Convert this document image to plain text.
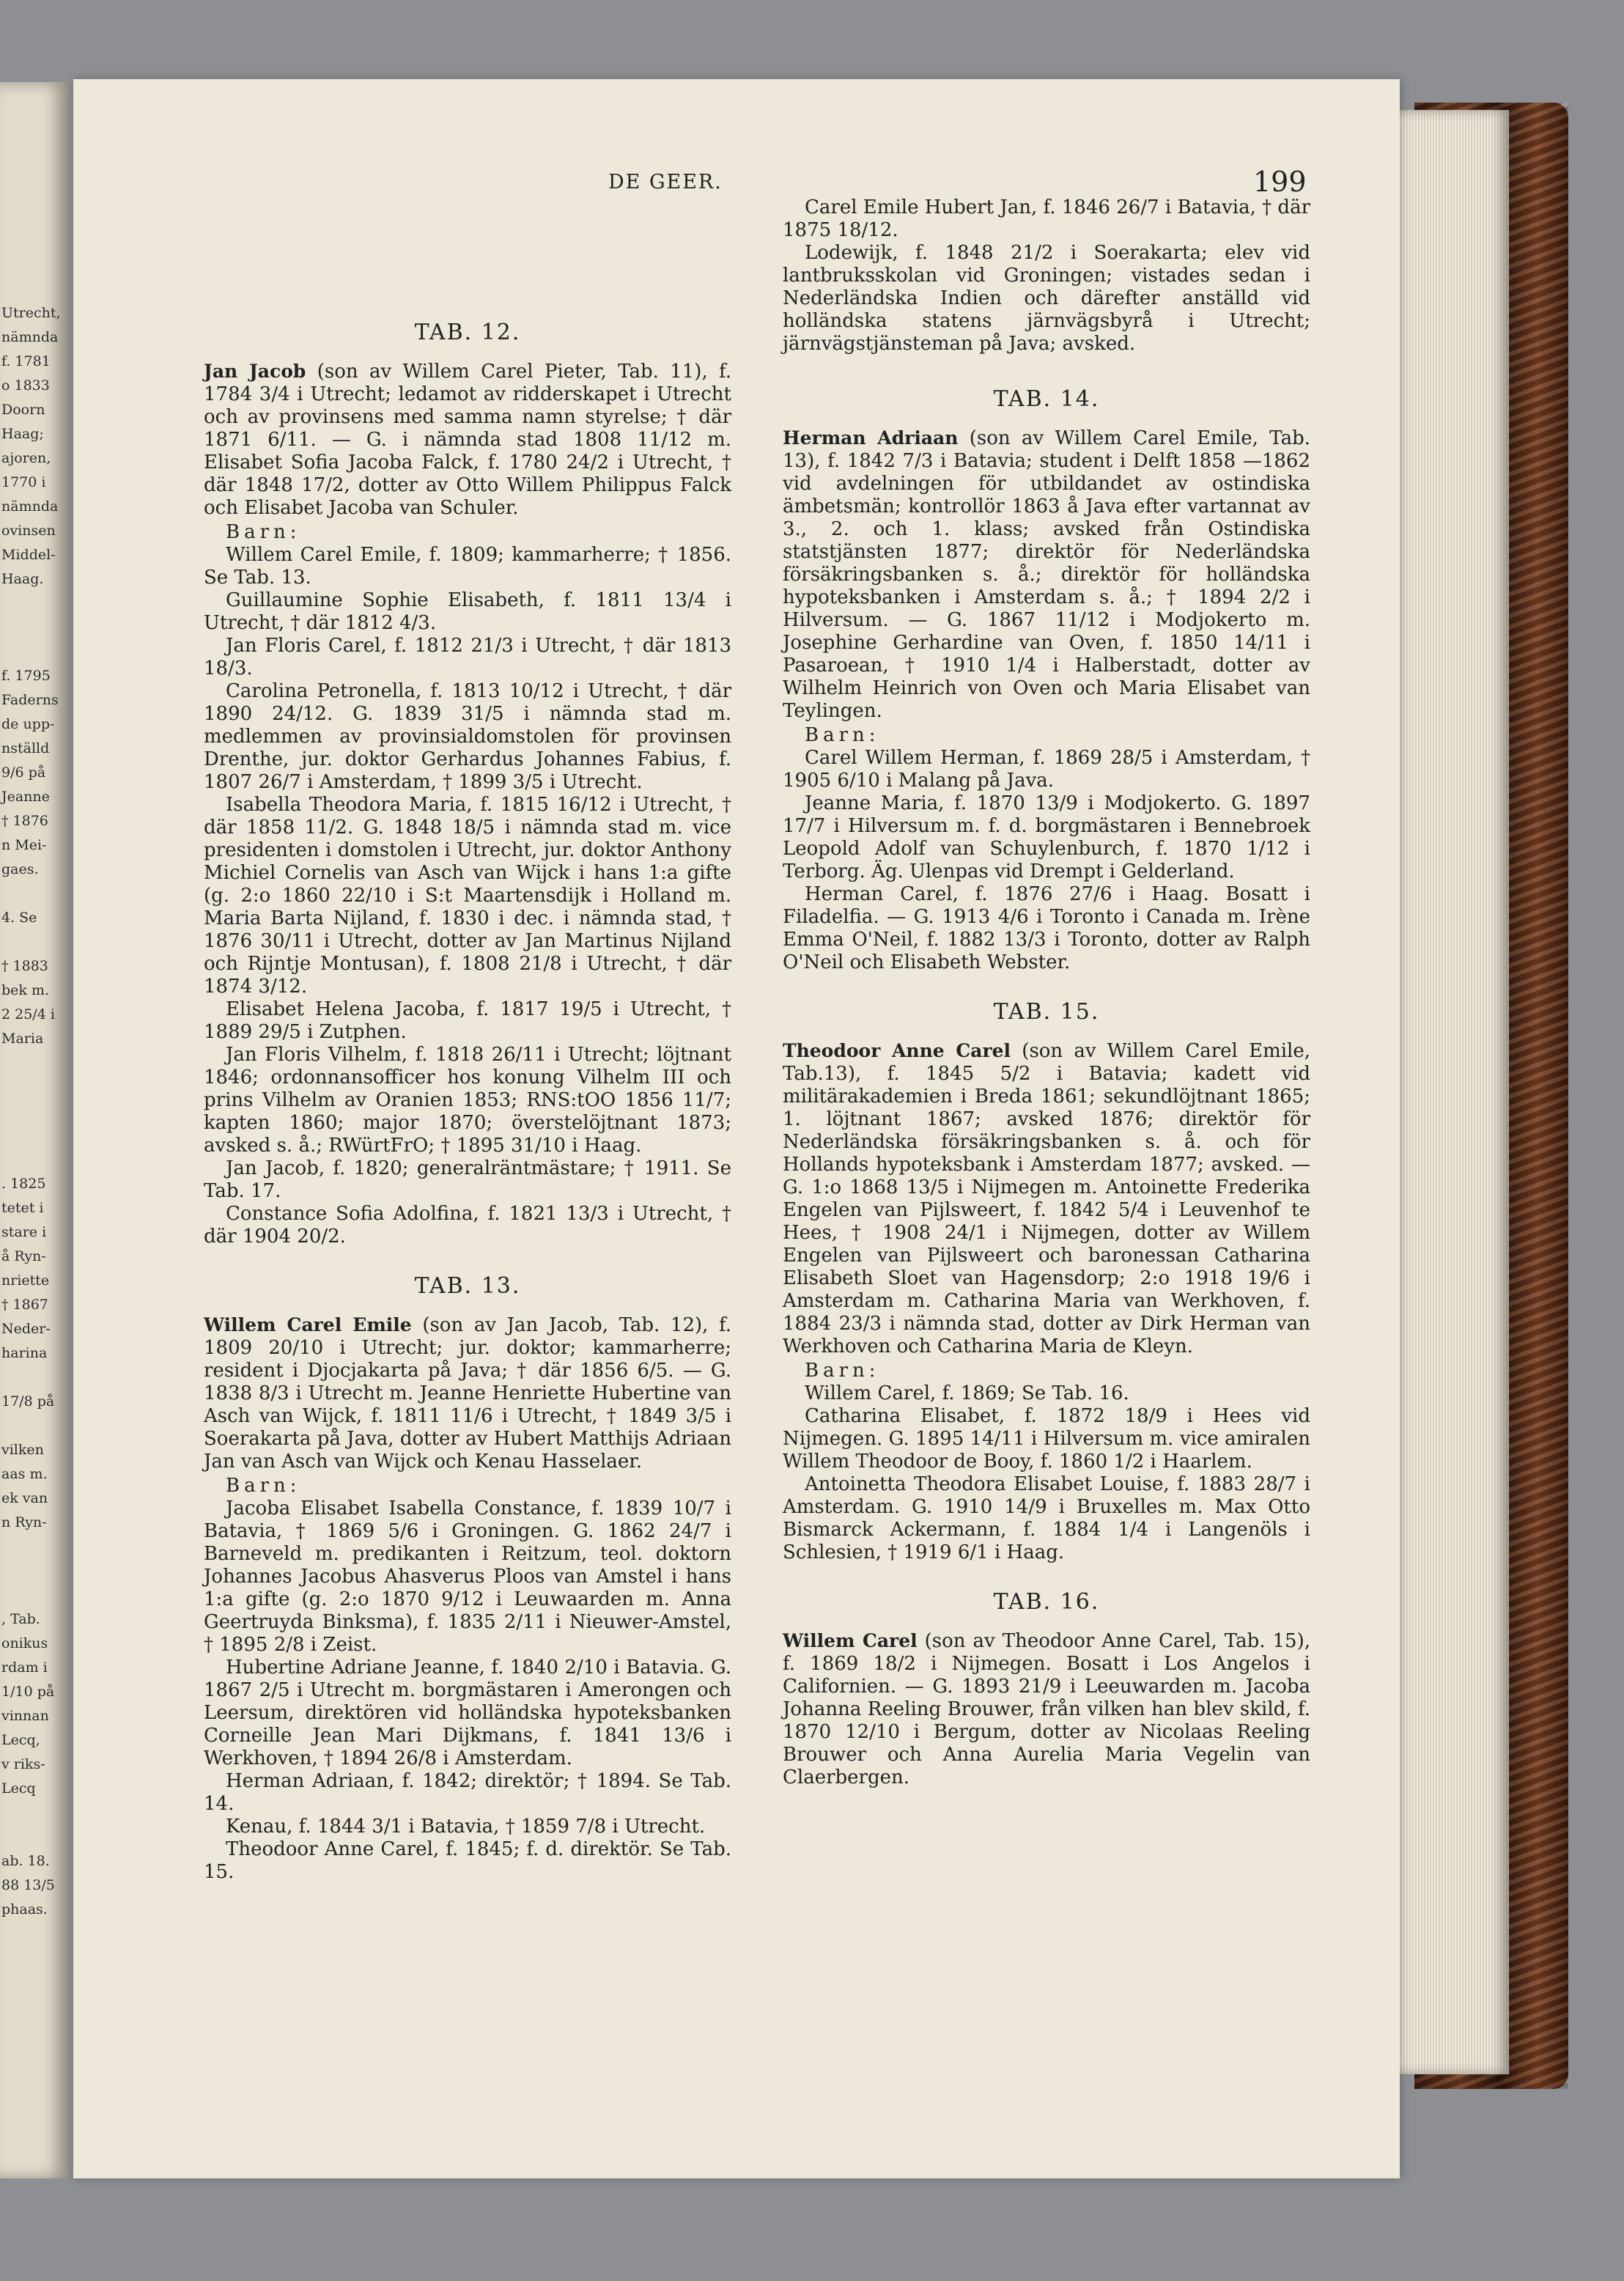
Utrecht,
nämnda
f. 1781
o 1833
Doorn
Haag;
ajoren,
1770 i
nämnda
ovinsen
Middel-
Haag.
f. 1795
Faderns
de upp-
nställd
9/6 på
Jeanne
† 1876
n Mei-
gaes.
4. Se
† 1883
bek m.
2 25/4 i
Maria
. 1825
tetet i
stare i
å Ryn-
nriette
† 1867
Neder-
harina
17/8 på
vilken
aas m.
ek van
n Ryn-
, Tab.
onikus
rdam i
1/10 på
vinnan
Lecq,
v riks-
Lecq
ab. 18.
88 13/5
phaas.
DE GEER.	199
TAB. 12.

Jan Jacob (son av Willem Carel Pieter, Tab. 11), f. 1784 3/4 i Utrecht; ledamot av ridderskapet i Utrecht och av provinsens med samma namn styrelse; † där 1871 6/11. — G. i nämnda stad 1808 11/12 m. Elisabet Sofia Jacoba Falck, f. 1780 24/2 i Utrecht, † där 1848 17/2, dotter av Otto Willem Philippus Falck och Elisabet Jacoba van Schuler.

Barn:

Willem Carel Emile, f. 1809; kammarherre; † 1856. Se Tab. 13.

Guillaumine Sophie Elisabeth, f. 1811 13/4 i Utrecht, † där 1812 4/3.

Jan Floris Carel, f. 1812 21/3 i Utrecht, † där 1813 18/3.

Carolina Petronella, f. 1813 10/12 i Utrecht, † där 1890 24/12. G. 1839 31/5 i nämnda stad m. medlemmen av provinsialdomstolen för provinsen Drenthe, jur. doktor Gerhardus Johannes Fabius, f. 1807 26/7 i Amsterdam, † 1899 3/5 i Utrecht.

Isabella Theodora Maria, f. 1815 16/12 i Utrecht, † där 1858 11/2. G. 1848 18/5 i nämnda stad m. vice presidenten i domstolen i Utrecht, jur. doktor Anthony Michiel Cornelis van Asch van Wijck i hans 1:a gifte (g. 2:o 1860 22/10 i S:t Maartensdijk i Holland m. Maria Barta Nijland, f. 1830 i dec. i nämnda stad, † 1876 30/11 i Utrecht, dotter av Jan Martinus Nijland och Rijntje Montusan), f. 1808 21/8 i Utrecht, † där 1874 3/12.

Elisabet Helena Jacoba, f. 1817 19/5 i Utrecht, † 1889 29/5 i Zutphen.

Jan Floris Vilhelm, f. 1818 26/11 i Utrecht; löjtnant 1846; ordonnansofficer hos konung Vilhelm III och prins Vilhelm av Oranien 1853; RNS:tOO 1856 11/7; kapten 1860; major 1870; överstelöjtnant 1873; avsked s. å.; RWürtFrO; † 1895 31/10 i Haag.

Jan Jacob, f. 1820; generalräntmästare; † 1911. Se Tab. 17.

Constance Sofia Adolfina, f. 1821 13/3 i Utrecht, † där 1904 20/2.

TAB. 13.

Willem Carel Emile (son av Jan Jacob, Tab. 12), f. 1809 20/10 i Utrecht; jur. doktor; kammarherre; resident i Djocjakarta på Java; † där 1856 6/5. — G. 1838 8/3 i Utrecht m. Jeanne Henriette Hubertine van Asch van Wijck, f. 1811 11/6 i Utrecht, † 1849 3/5 i Soerakarta på Java, dotter av Hubert Matthijs Adriaan Jan van Asch van Wijck och Kenau Hasselaer.

Barn:

Jacoba Elisabet Isabella Constance, f. 1839 10/7 i Batavia, † 1869 5/6 i Groningen. G. 1862 24/7 i Barneveld m. predikanten i Reitzum, teol. doktorn Johannes Jacobus Ahasverus Ploos van Amstel i hans 1:a gifte (g. 2:o 1870 9/12 i Leuwaarden m. Anna Geertruyda Binksma), f. 1835 2/11 i Nieuwer-Amstel, † 1895 2/8 i Zeist.

Hubertine Adriane Jeanne, f. 1840 2/10 i Batavia. G. 1867 2/5 i Utrecht m. borgmästaren i Amerongen och Leersum, direktören vid holländska hypoteksbanken Corneille Jean Mari Dijkmans, f. 1841 13/6 i Werkhoven, † 1894 26/8 i Amsterdam.

Herman Adriaan, f. 1842; direktör; † 1894. Se Tab. 14.

Kenau, f. 1844 3/1 i Batavia, † 1859 7/8 i Utrecht.

Theodoor Anne Carel, f. 1845; f. d. direktör. Se Tab. 15.

Carel Emile Hubert Jan, f. 1846 26/7 i Batavia, † där 1875 18/12.

Lodewijk, f. 1848 21/2 i Soerakarta; elev vid lantbruksskolan vid Groningen; vistades sedan i Nederländska Indien och därefter anställd vid holländska statens järnvägsbyrå i Utrecht; järnvägstjänsteman på Java; avsked.

TAB. 14.

Herman Adriaan (son av Willem Carel Emile, Tab. 13), f. 1842 7/3 i Batavia; student i Delft 1858 —1862 vid avdelningen för utbildandet av ostindiska ämbetsmän; kontrollör 1863 å Java efter vartannat av 3., 2. och 1. klass; avsked från Ostindiska statstjänsten 1877; direktör för Nederländska försäkringsbanken s. å.; direktör för holländska hypoteksbanken i Amsterdam s. å.; † 1894 2/2 i Hilversum. — G. 1867 11/12 i Modjokerto m. Josephine Gerhardine van Oven, f. 1850 14/11 i Pasaroean, † 1910 1/4 i Halberstadt, dotter av Wilhelm Heinrich von Oven och Maria Elisabet van Teylingen.

Barn:

Carel Willem Herman, f. 1869 28/5 i Amsterdam, † 1905 6/10 i Malang på Java.

Jeanne Maria, f. 1870 13/9 i Modjokerto. G. 1897 17/7 i Hilversum m. f. d. borgmästaren i Bennebroek Leopold Adolf van Schuylenburch, f. 1870 1/12 i Terborg. Äg. Ulenpas vid Drempt i Gelderland.

Herman Carel, f. 1876 27/6 i Haag. Bosatt i Filadelfia. — G. 1913 4/6 i Toronto i Canada m. Irène Emma O'Neil, f. 1882 13/3 i Toronto, dotter av Ralph O'Neil och Elisabeth Webster.

TAB. 15.

Theodoor Anne Carel (son av Willem Carel Emile, Tab.13), f. 1845 5/2 i Batavia; kadett vid militärakademien i Breda 1861; sekundlöjtnant 1865; 1. löjtnant 1867; avsked 1876; direktör för Nederländska försäkringsbanken s. å. och för Hollands hypoteksbank i Amsterdam 1877; avsked. — G. 1:o 1868 13/5 i Nijmegen m. Antoinette Frederika Engelen van Pijlsweert, f. 1842 5/4 i Leuvenhof te Hees, † 1908 24/1 i Nijmegen, dotter av Willem Engelen van Pijlsweert och baronessan Catharina Elisabeth Sloet van Hagensdorp; 2:o 1918 19/6 i Amsterdam m. Catharina Maria van Werkhoven, f. 1884 23/3 i nämnda stad, dotter av Dirk Herman van Werkhoven och Catharina Maria de Kleyn.

Barn:

Willem Carel, f. 1869; Se Tab. 16.

Catharina Elisabet, f. 1872 18/9 i Hees vid Nijmegen. G. 1895 14/11 i Hilversum m. vice amiralen Willem Theodoor de Booy, f. 1860 1/2 i Haarlem.

Antoinetta Theodora Elisabet Louise, f. 1883 28/7 i Amsterdam. G. 1910 14/9 i Bruxelles m. Max Otto Bismarck Ackermann, f. 1884 1/4 i Langenöls i Schlesien, † 1919 6/1 i Haag.

TAB. 16.

Willem Carel (son av Theodoor Anne Carel, Tab. 15), f. 1869 18/2 i Nijmegen. Bosatt i Los Angelos i Californien. — G. 1893 21/9 i Leeuwarden m. Jacoba Johanna Reeling Brouwer, från vilken han blev skild, f. 1870 12/10 i Bergum, dotter av Nicolaas Reeling Brouwer och Anna Aurelia Maria Vegelin van Claerbergen.
